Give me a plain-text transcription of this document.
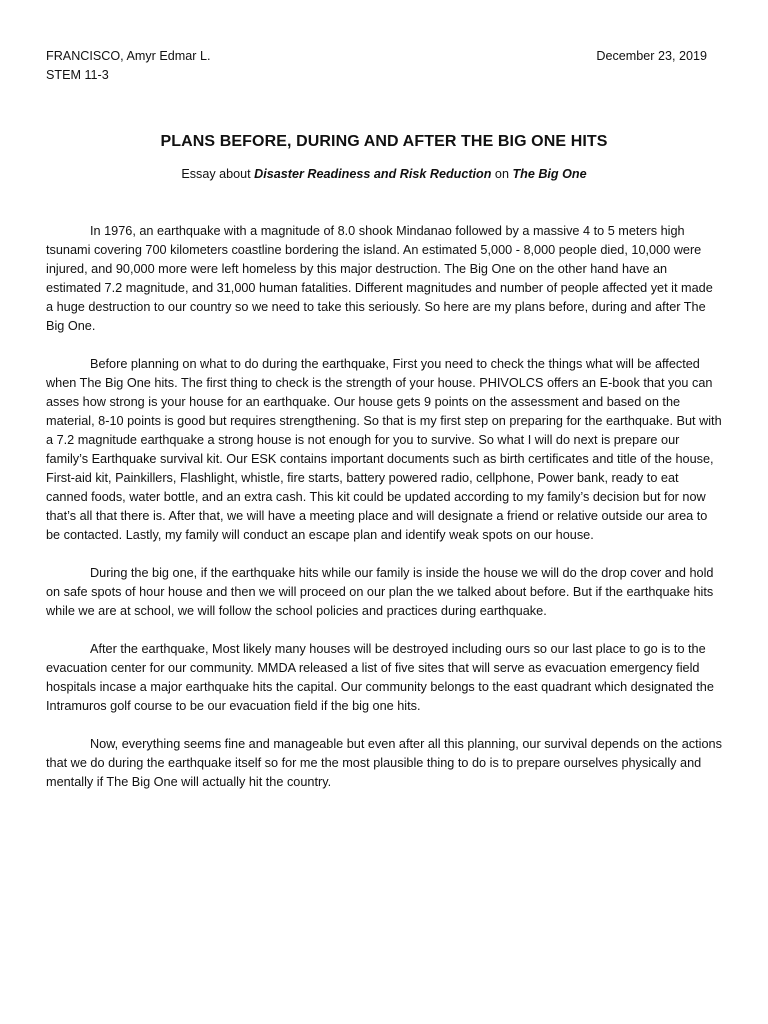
FRANCISCO, Amyr Edmar L.
STEM 11-3
December 23, 2019
PLANS BEFORE, DURING AND AFTER THE BIG ONE HITS
Essay about Disaster Readiness and Risk Reduction on The Big One

In 1976, an earthquake with a magnitude of 8.0 shook Mindanao followed by a massive 4 to 5 meters high tsunami covering 700 kilometers coastline bordering the island. An estimated 5,000 - 8,000 people died, 10,000 were injured, and 90,000 more were left homeless by this major destruction. The Big One on the other hand have an estimated 7.2 magnitude, and 31,000 human fatalities. Different magnitudes and number of people affected yet it made a huge destruction to our country so we need to take this seriously. So here are my plans before, during and after The Big One.

Before planning on what to do during the earthquake, First you need to check the things what will be affected when The Big One hits. The first thing to check is the strength of your house. PHIVOLCS offers an E-book that you can asses how strong is your house for an earthquake. Our house gets 9 points on the assessment and based on the material, 8-10 points is good but requires strengthening. So that is my first step on preparing for the earthquake. But with a 7.2 magnitude earthquake a strong house is not enough for you to survive. So what I will do next is prepare our family’s Earthquake survival kit. Our ESK contains important documents such as birth certificates and title of the house, First-aid kit, Painkillers, Flashlight, whistle, fire starts, battery powered radio, cellphone, Power bank, ready to eat canned foods, water bottle, and an extra cash. This kit could be updated according to my family’s decision but for now that’s all that there is. After that, we will have a meeting place and will designate a friend or relative outside our area to be contacted. Lastly, my family will conduct an escape plan and identify weak spots on our house.

During the big one, if the earthquake hits while our family is inside the house we will do the drop cover and hold on safe spots of hour house and then we will proceed on our plan the we talked about before. But if the earthquake hits while we are at school, we will follow the school policies and practices during earthquake.

After the earthquake, Most likely many houses will be destroyed including ours so our last place to go is to the evacuation center for our community. MMDA released a list of five sites that will serve as evacuation emergency field hospitals incase a major earthquake hits the capital. Our community belongs to the east quadrant which designated the Intramuros golf course to be our evacuation field if the big one hits.

Now, everything seems fine and manageable but even after all this planning, our survival depends on the actions that we do during the earthquake itself so for me the most plausible thing to do is to prepare ourselves physically and mentally if The Big One will actually hit the country.
